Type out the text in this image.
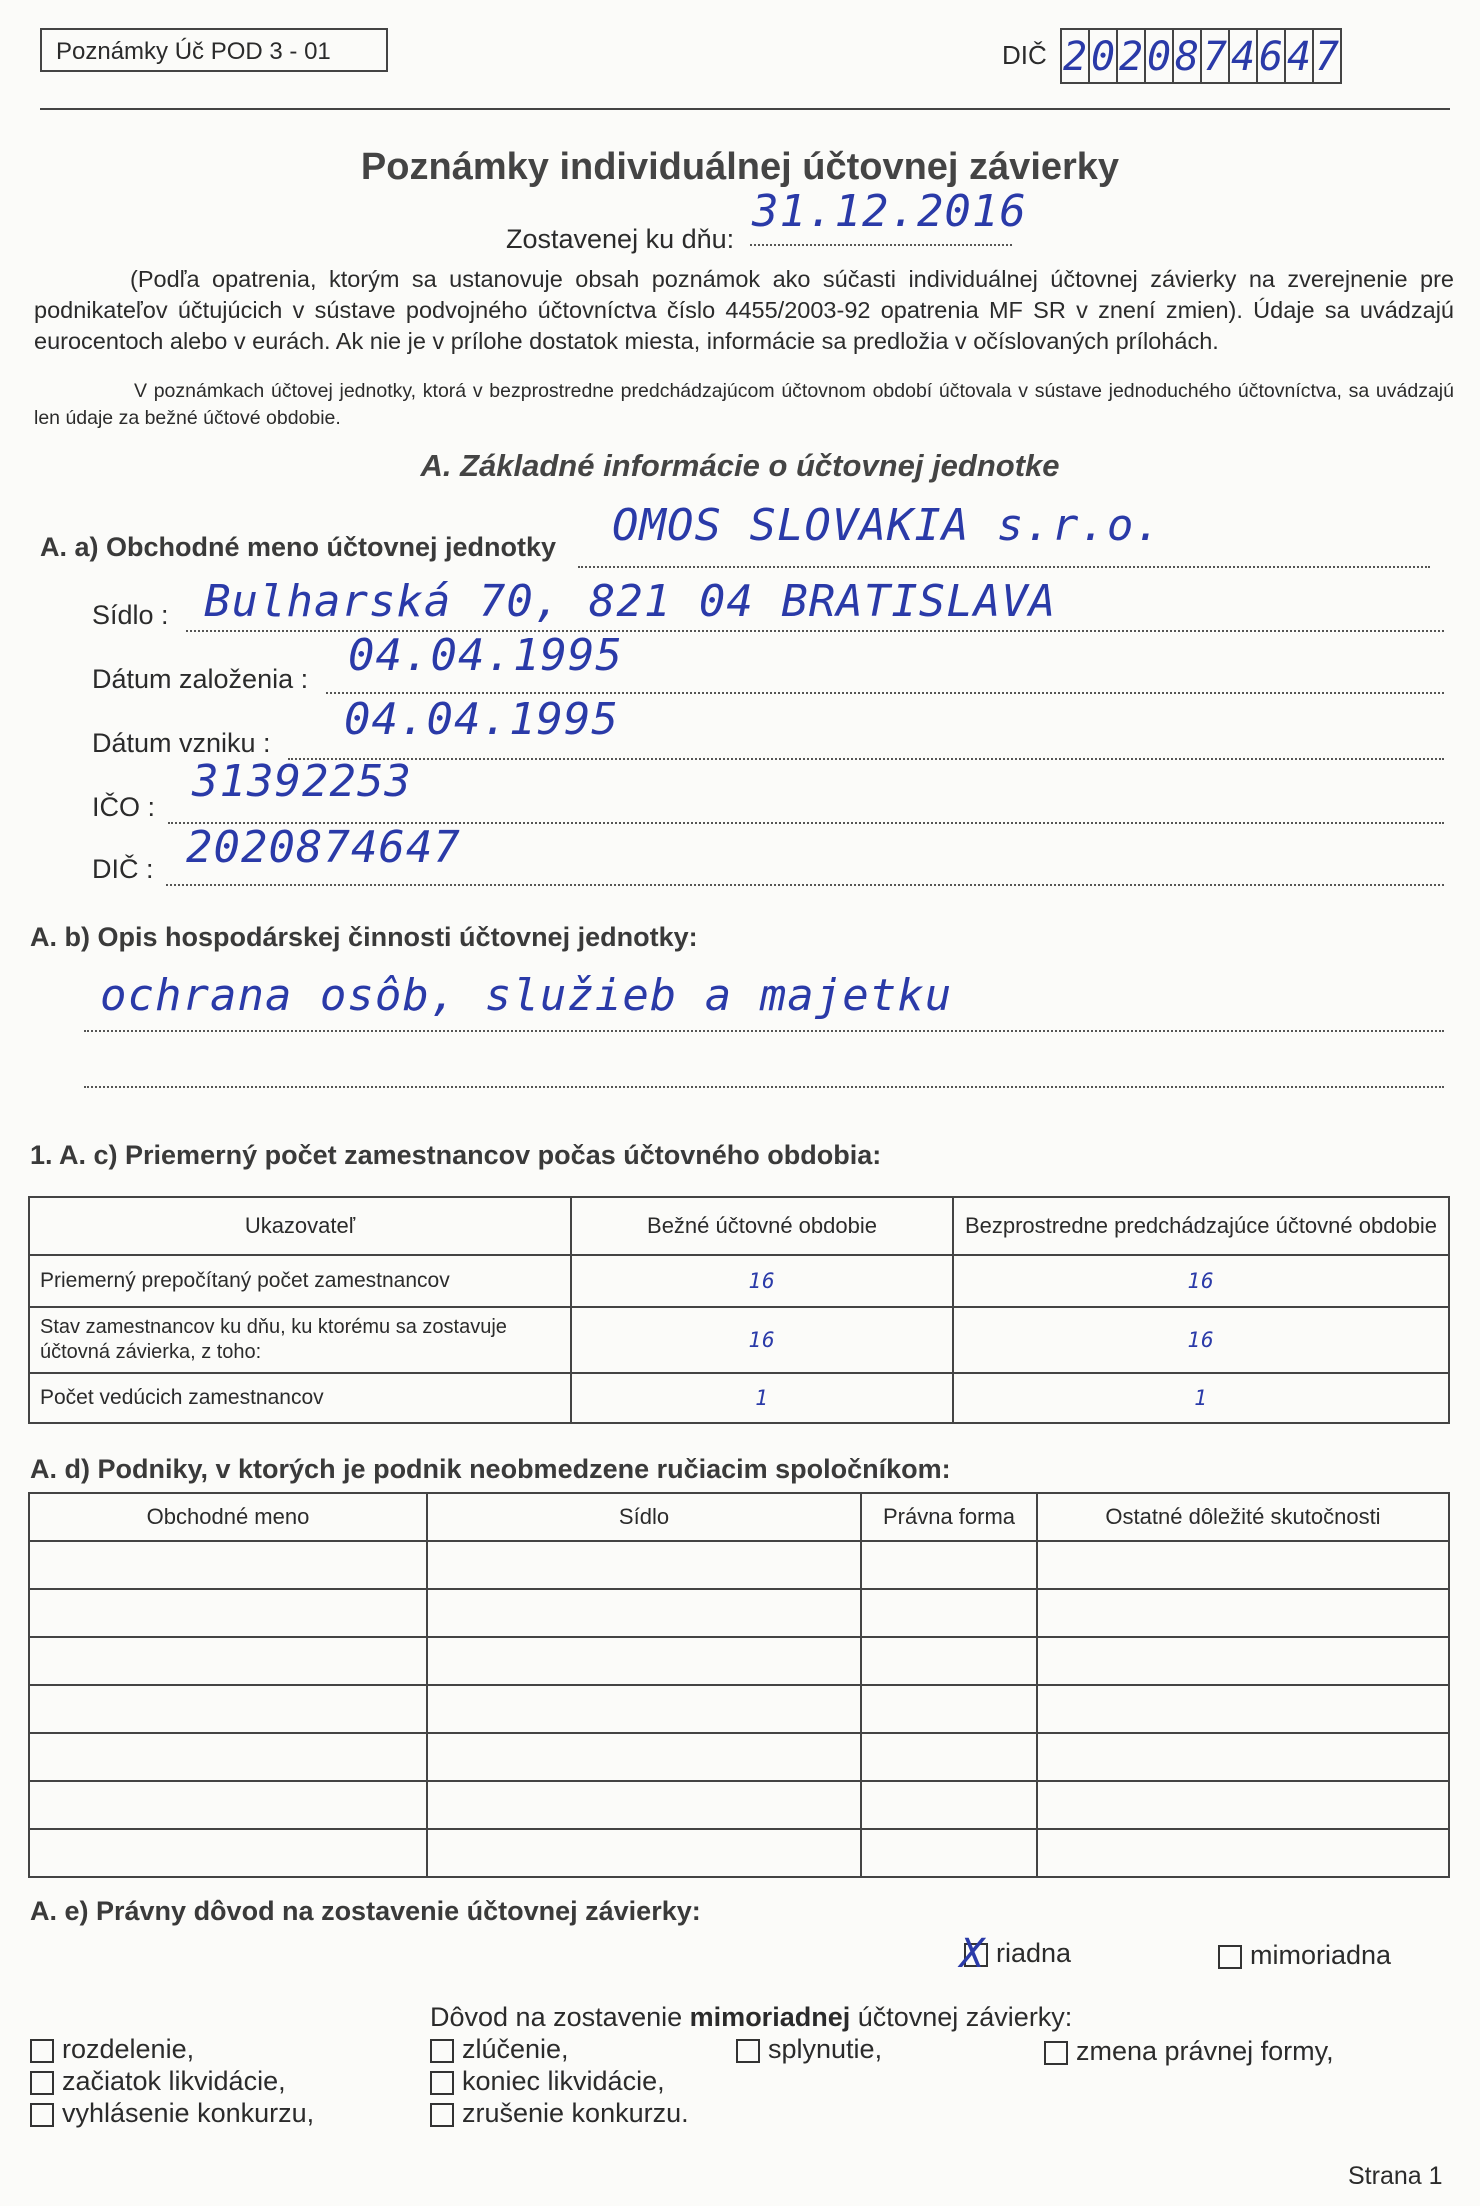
Poznámky Úč POD 3 - 01	DIČ 2 0 2 0 8 7 4 6 4 7
Poznámky individuálnej účtovnej závierky
Zostavenej ku dňu:
31.12.2016
(Podľa opatrenia, ktorým sa ustanovuje obsah poznámok ako súčasti individuálnej účtovnej závierky na zverejnenie pre podnikateľov účtujúcich v sústave podvojného účtovníctva číslo 4455/2003-92 opatrenia MF SR v znení zmien). Údaje sa uvádzajú eurocentoch alebo v eurách. Ak nie je v prílohe dostatok miesta, informácie sa predložia v očíslovaných prílohách.
V poznámkach účtovej jednotky, ktorá v bezprostredne predchádzajúcom účtovnom období účtovala v sústave jednoduchého účtovníctva, sa uvádzajú len údaje za bežné účtové obdobie.
A. Základné informácie o účtovnej jednotke
A. a) Obchodné meno účtovnej jednotky OMOS SLOVAKIA s.r.o.
Sídlo : Bulharská 70, 821 04 BRATISLAVA
Dátum založenia : 04.04.1995
Dátum vzniku : 04.04.1995
IČO : 31392253
DIČ : 2020874647
A. b) Opis hospodárskej činnosti účtovnej jednotky:
ochrana osôb, služieb a majetku
1. A. c) Priemerný počet zamestnancov počas účtovného obdobia:
Ukazovateľ	Bežné účtovné obdobie	Bezprostredne predchádzajúce účtovné obdobie
Priemerný prepočítaný počet zamestnancov	16	16
Stav zamestnancov ku dňu, ku ktorému sa zostavuje účtovná závierka, z toho:	16	16
Počet vedúcich zamestnancov	1	1
A. d) Podniky, v ktorých je podnik neobmedzene ručiacim spoločníkom:
Obchodné meno	Sídlo	Právna forma	Ostatné dôležité skutočnosti

A. e) Právny dôvod na zostavenie účtovnej závierky:
X riadna	mimoriadna
Dôvod na zostavenie mimoriadnej účtovnej závierky:
rozdelenie,
začiatok likvidácie,
vyhlásenie konkurzu,
zlúčenie,
koniec likvidácie,
zrušenie konkurzu.
splynutie,	zmena právnej formy,
Strana 1
